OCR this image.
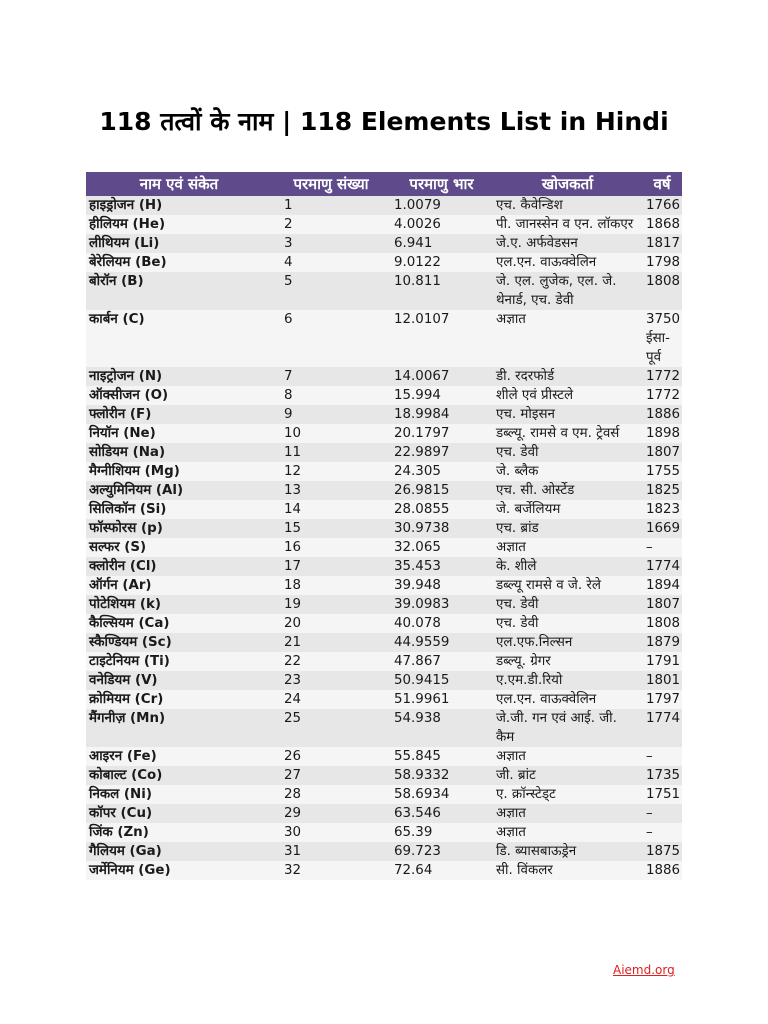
118 तत्वों के नाम | 118 Elements List in Hindi
नाम एवं संकेत	परमाणु संख्या	परमाणु भार	खोजकर्ता	वर्ष
हाइड्रोजन (H)	1	1.0079	एच. कैवेन्डिश	1766
हीलियम (He)	2	4.0026	पी. जानस्सेन व एन. लॉकएर	1868
लीथियम (Li)	3	6.941	जे.ए. अर्फवेडसन	1817
बेरेलियम (Be)	4	9.0122	एल.एन. वाऊक्वेलिन	1798
बोरॉन (B)	5	10.811	जे. एल. लुजेक, एल. जे. थेनार्ड, एच. डेवी	1808
कार्बन (C)	6	12.0107	अज्ञात	3750 ईसा-पूर्व
नाइट्रोजन (N)	7	14.0067	डी. रदरफोर्ड	1772
ऑक्सीजन (O)	8	15.994	शीले एवं प्रीस्टले	1772
फ्लोरीन (F)	9	18.9984	एच. मोइसन	1886
नियॉन (Ne)	10	20.1797	डब्ल्यू. रामसे व एम. ट्रेवर्स	1898
सोडियम (Na)	11	22.9897	एच. डेवी	1807
मैग्नीशियम (Mg)	12	24.305	जे. ब्लैक	1755
अल्युमिनियम (Al)	13	26.9815	एच. सी. ओर्स्टेड	1825
सिलिकॉन (Si)	14	28.0855	जे. बर्जेलियम	1823
फॉस्फोरस (p)	15	30.9738	एच. ब्रांड	1669
सल्फर (S)	16	32.065	अज्ञात	–
क्लोरीन (Cl)	17	35.453	के. शीले	1774
ऑर्गन (Ar)	18	39.948	डब्ल्यू रामसे व जे. रेले	1894
पोटेशियम (k)	19	39.0983	एच. डेवी	1807
कैल्सियम (Ca)	20	40.078	एच. डेवी	1808
स्कैण्डियम (Sc)	21	44.9559	एल.एफ.निल्सन	1879
टाइटेनियम (Ti)	22	47.867	डब्ल्यू. ग्रेगर	1791
वनेडियम (V)	23	50.9415	ए.एम.डी.रियो	1801
क्रोमियम (Cr)	24	51.9961	एल.एन. वाऊक्वेलिन	1797
मैंगनीज़ (Mn)	25	54.938	जे.जी. गन एवं आई. जी. कैम	1774
आइरन (Fe)	26	55.845	अज्ञात	–
कोबाल्ट (Co)	27	58.9332	जी. ब्रांट	1735
निकल (Ni)	28	58.6934	ए. क्रॉन्स्टेड्ट	1751
कॉपर (Cu)	29	63.546	अज्ञात	–
जिंक (Zn)	30	65.39	अज्ञात	–
गैलियम (Ga)	31	69.723	डि. ब्यासबाऊड्रेन	1875
जर्मेनियम (Ge)	32	72.64	सी. विंकलर	1886
Aiemd.org
